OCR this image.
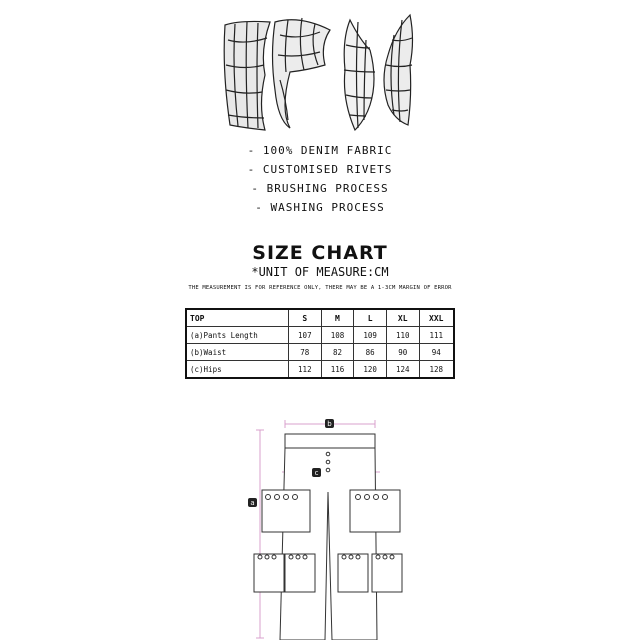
- 100% DENIM FABRIC
- CUSTOMISED RIVETS
- BRUSHING PROCESS
- WASHING PROCESS
SIZE CHART
*UNIT OF MEASURE:CM
THE MEASUREMENT IS FOR REFERENCE ONLY, THERE MAY BE A 1-3CM MARGIN OF ERROR
TOP	S	M	L	XL	XXL
(a)Pants Length	107	108	109	110	111
(b)Waist	78	82	86	90	94
(c)Hips	112	116	120	124	128
b
a
c
